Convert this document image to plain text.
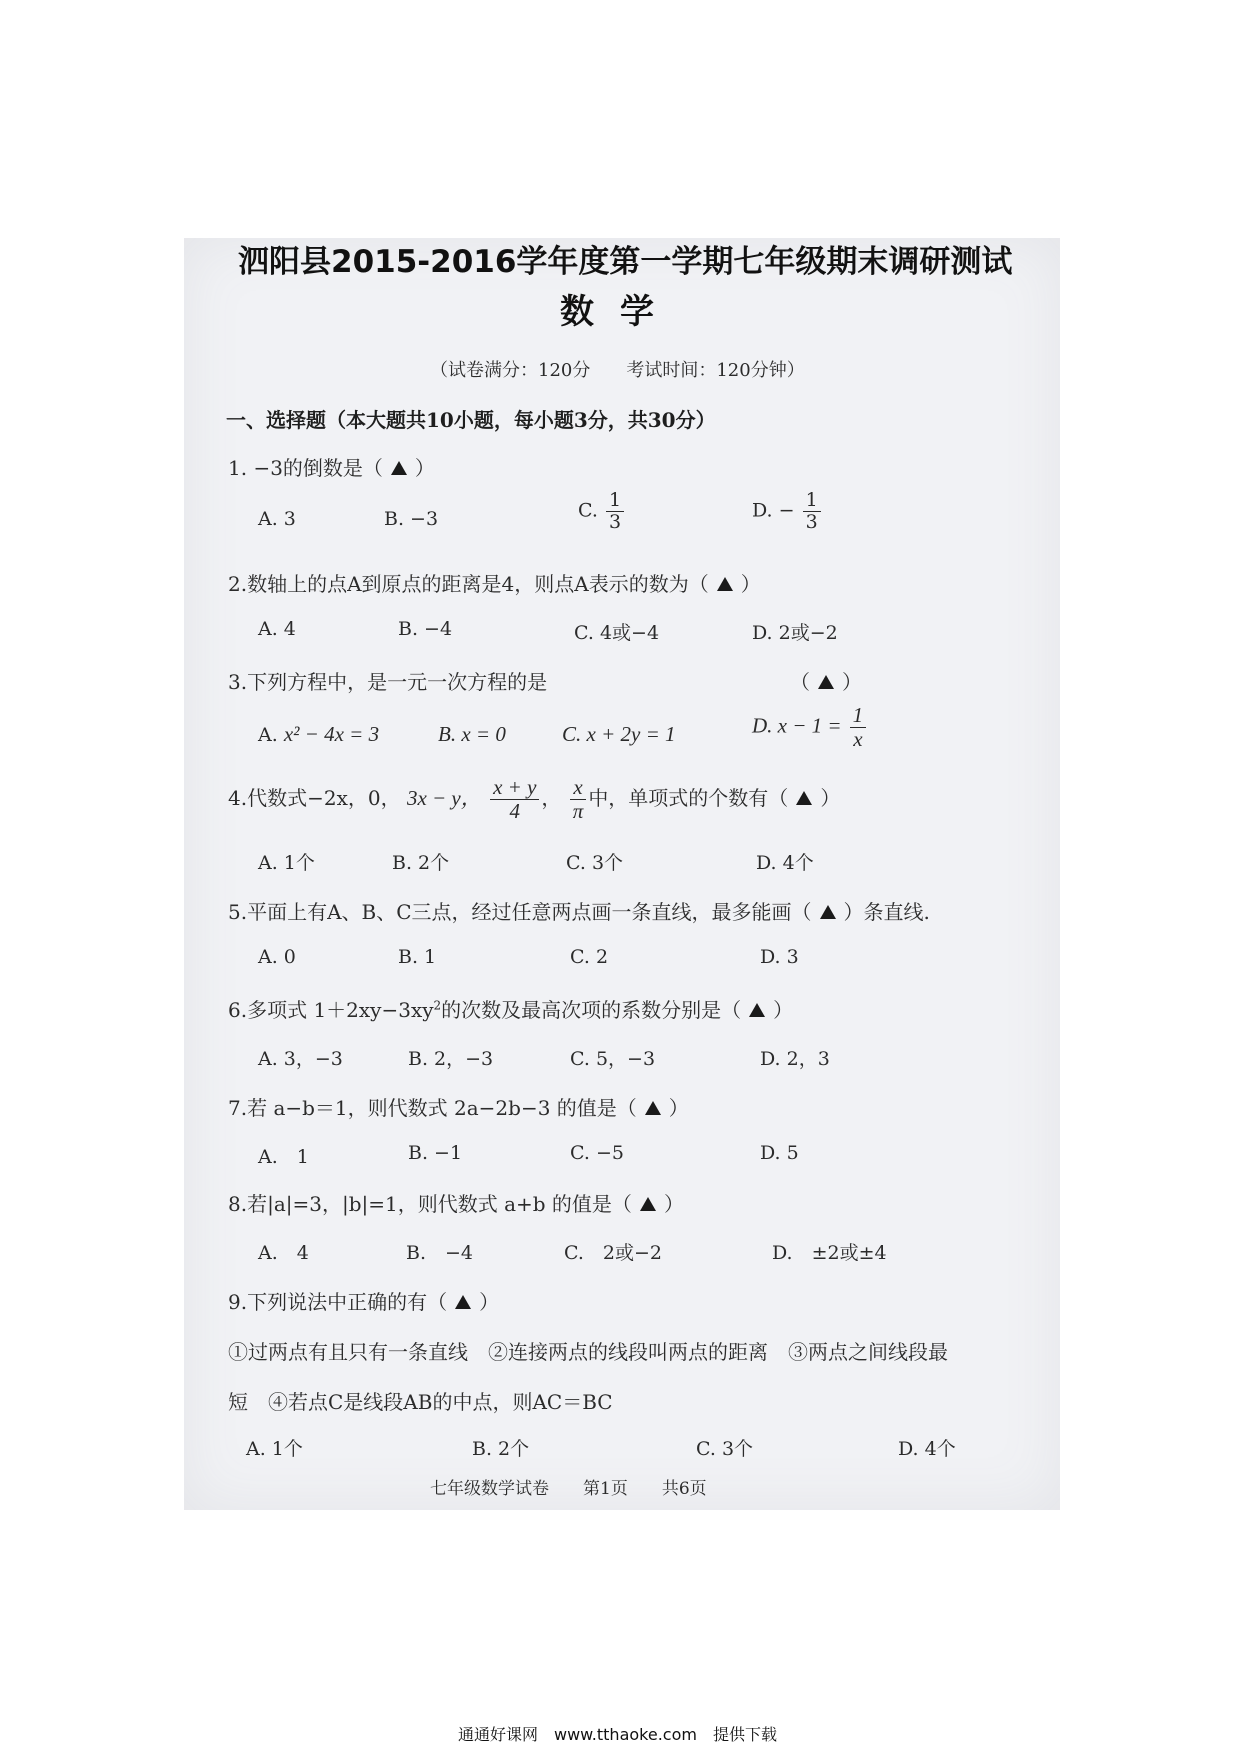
泗阳县2015-2016学年度第一学期七年级期末调研测试
数学
（试卷满分：120分　　考试时间：120分钟）
一、选择题（本大题共10小题，每小题3分，共30分）
1. −3的倒数是（ ）
A. 3	B. −3	C. $\frac{1}{3}$	D. − $\frac{1}{3}$
2.数轴上的点A到原点的距离是4，则点A表示的数为（ ）
A. 4	B. −4	C. 4或−4	D. 2或−2
3.下列方程中，是一元一次方程的是	（ ）
A. x² − 4x = 3	B. x = 0	C. x + 2y = 1	D. $x - 1 = \frac{1}{x}$
4.代数式−2x，0， 3x − y， $\frac{x + y}{4}$ ， $\frac{x}{\pi}$ 中，单项式的个数有（ ）
A. 1个	B. 2个	C. 3个	D. 4个
5.平面上有A、B、C三点，经过任意两点画一条直线，最多能画（ ）条直线.
A. 0	B. 1	C. 2	D. 3
6.多项式 $1+2xy-3xy^2$的次数及最高次项的系数分别是（ ）
A. 3，−3	B. 2，−3	C. 5，−3	D. 2，3
7.若 a−b＝1，则代数式 2a−2b−3 的值是（ ）
A.　1	B. −1	C. −5	D. 5
8.若|a|=3，|b|=1，则代数式 a+b 的值是（ ）
A.　4	B.　−4	C.　2或−2	D.　±2或±4
9.下列说法中正确的有（ ）
①过两点有且只有一条直线　②连接两点的线段叫两点的距离　③两点之间线段最
短　④若点C是线段AB的中点，则AC＝BC
A. 1个	B. 2个	C. 3个	D. 4个
七年级数学试卷　　第1页　　共6页
通通好课网　www.tthaoke.com　提供下载
